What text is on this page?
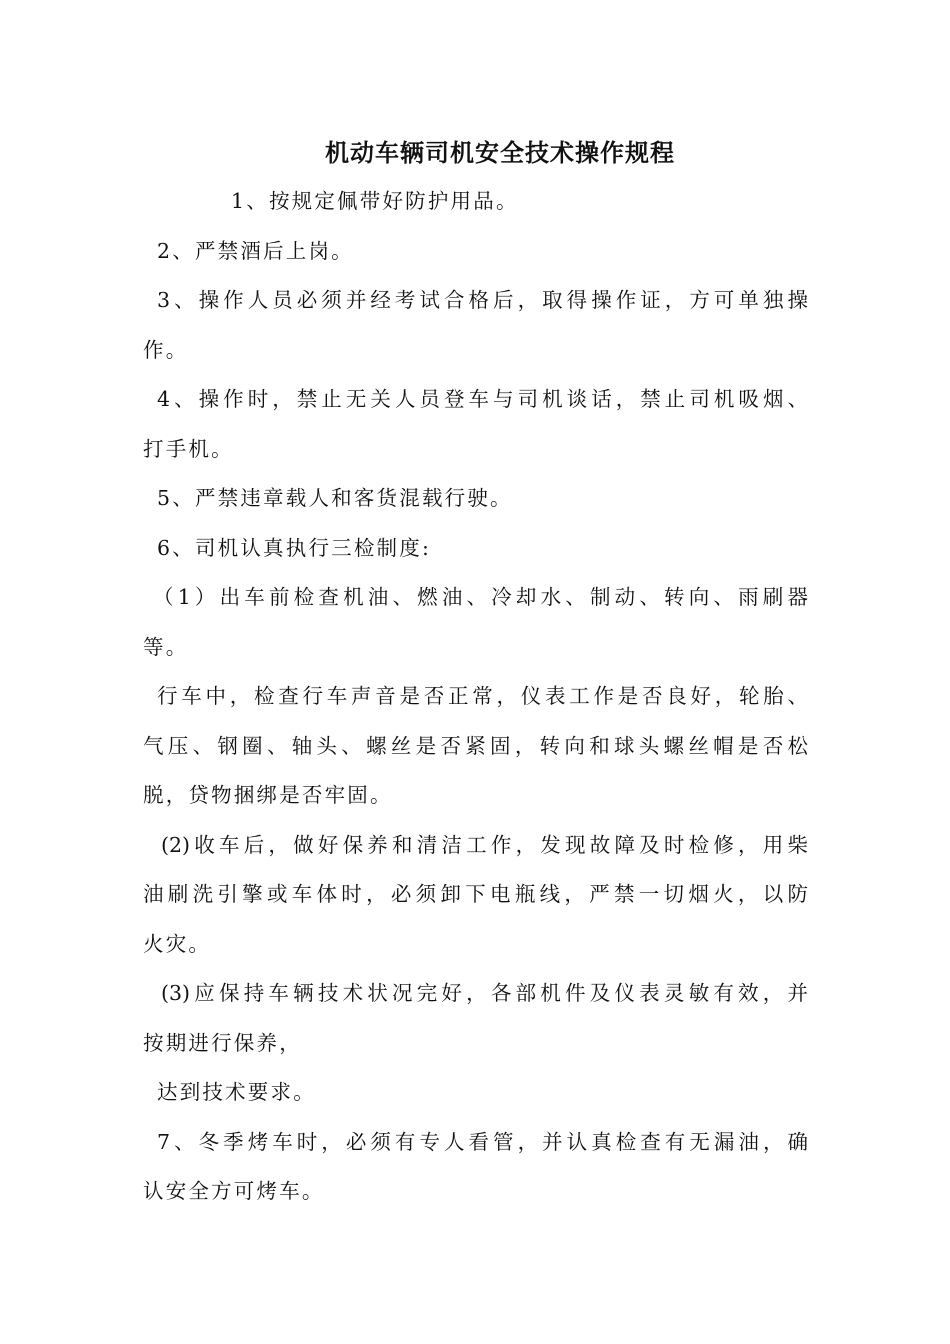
机动车辆司机安全技术操作规程
1、按规定佩带好防护用品。
2、严禁酒后上岗。
3、操作人员必须并经考试合格后，取得操作证，方可单独操
作。
4、操作时，禁止无关人员登车与司机谈话，禁止司机吸烟、
打手机。
5、严禁违章载人和客货混载行驶。
6、司机认真执行三检制度:
（1）出车前检查机油、燃油、冷却水、制动、转向、雨刷器
等。
行车中，检查行车声音是否正常，仪表工作是否良好，轮胎、
气压、钢圈、轴头、螺丝是否紧固，转向和球头螺丝帽是否松
脱，贷物捆绑是否牢固。
(2)收车后，做好保养和清洁工作，发现故障及时检修，用柴
油刷洗引擎或车体时，必须卸下电瓶线，严禁一切烟火，以防
火灾。
(3)应保持车辆技术状况完好，各部机件及仪表灵敏有效，并
按期进行保养，
达到技术要求。
7、冬季烤车时，必须有专人看管，并认真检查有无漏油，确
认安全方可烤车。
